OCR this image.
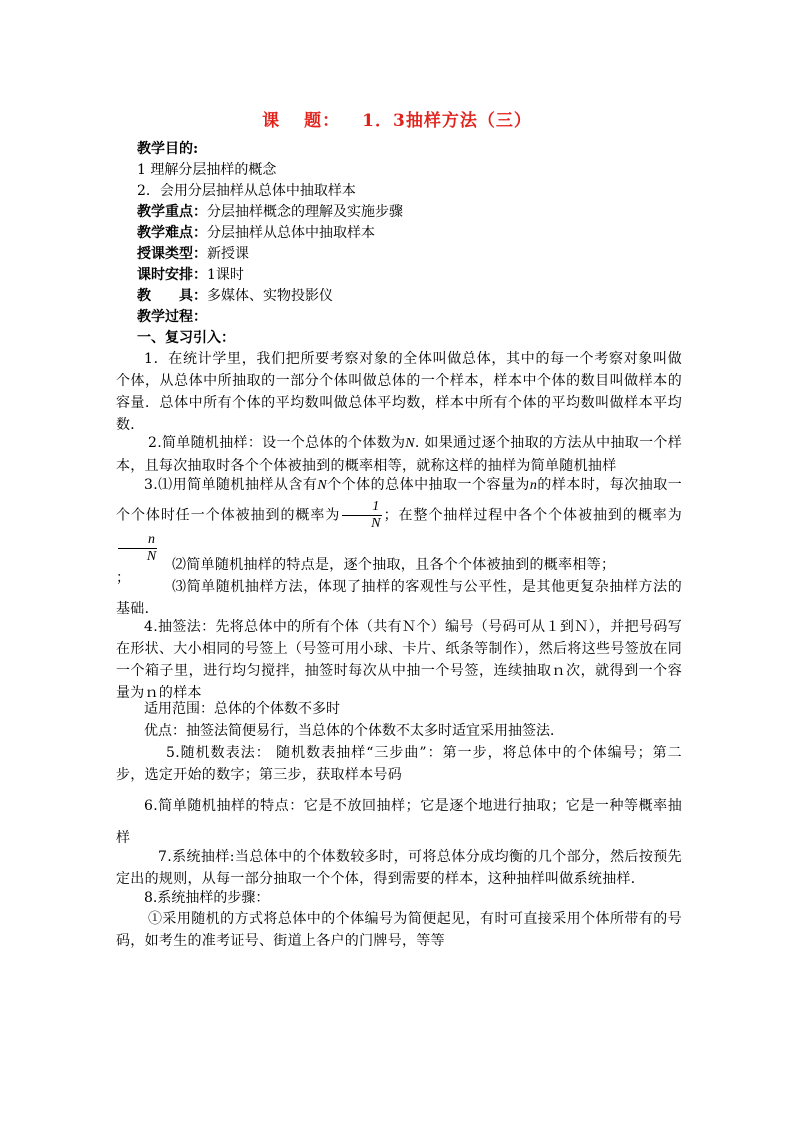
课 题： 1．3抽样方法（三）
教学目的:
1 理解分层抽样的概念
2．会用分层抽样从总体中抽取样本
教学重点：分层抽样概念的理解及实施步骤
教学难点：分层抽样从总体中抽取样本
授课类型：新授课
课时安排：1课时
教 具：多媒体、实物投影仪
教学过程：
一、复习引入：
1．在统计学里，我们把所要考察对象的全体叫做总体，其中的每一个考察对象叫做个体，从总体中所抽取的一部分个体叫做总体的一个样本，样本中个体的数目叫做样本的容量．总体中所有个体的平均数叫做总体平均数，样本中所有个体的平均数叫做样本平均数．
2.简单随机抽样：设一个总体的个体数为N. 如果通过逐个抽取的方法从中抽取一个样本，且每次抽取时各个个体被抽到的概率相等，就称这样的抽样为简单随机抽样
3.⑴用简单随机抽样从含有N个个体的总体中抽取一个容量为n的样本时，每次抽取一个个体时任一个体被抽到的概率为 $\frac{1}{N}$ ；在整个抽样过程中各个个体被抽到的概率为
$\frac{n}{N}$

；
⑵简单随机抽样的特点是，逐个抽取，且各个个体被抽到的概率相等；
⑶简单随机抽样方法，体现了抽样的客观性与公平性，是其他更复杂抽样方法的基础．
4.抽签法：先将总体中的所有个体（共有Ｎ个）编号（号码可从１到Ｎ），并把号码写在形状、大小相同的号签上（号签可用小球、卡片、纸条等制作），然后将这些号签放在同一个箱子里，进行均匀搅拌，抽签时每次从中抽一个号签，连续抽取ｎ次，就得到一个容量为ｎ的样本
适用范围：总体的个体数不多时
优点：抽签法简便易行，当总体的个体数不太多时适宜采用抽签法．
5.随机数表法： 随机数表抽样“三步曲”：第一步，将总体中的个体编号；第二步，选定开始的数字；第三步，获取样本号码
6.简单随机抽样的特点：它是不放回抽样；它是逐个地进行抽取；它是一种等概率抽样
7.系统抽样:当总体中的个体数较多时，可将总体分成均衡的几个部分，然后按预先定出的规则，从每一部分抽取一个个体，得到需要的样本，这种抽样叫做系统抽样．
8.系统抽样的步骤：
①采用随机的方式将总体中的个体编号为简便起见，有时可直接采用个体所带有的号码，如考生的准考证号、街道上各户的门牌号，等等
